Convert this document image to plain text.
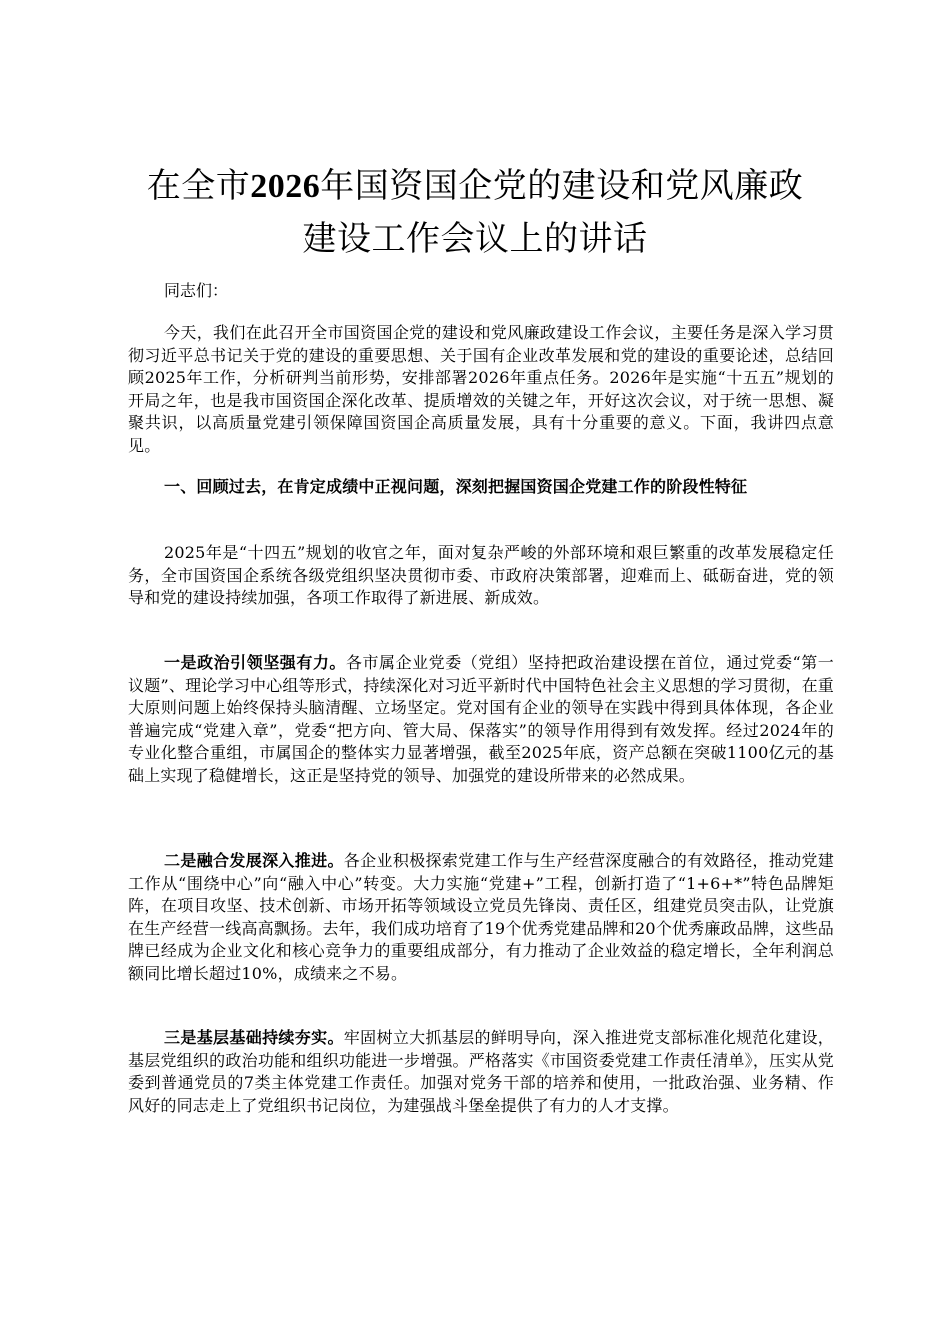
在全市2026年国资国企党的建设和党风廉政
建设工作会议上的讲话

同志们：

今天，我们在此召开全市国资国企党的建设和党风廉政建设工作会议，主要任务是深入学习贯彻习近平总书记关于党的建设的重要思想、关于国有企业改革发展和党的建设的重要论述，总结回顾2025年工作，分析研判当前形势，安排部署2026年重点任务。2026年是实施“十五五”规划的开局之年，也是我市国资国企深化改革、提质增效的关键之年，开好这次会议，对于统一思想、凝聚共识，以高质量党建引领保障国资国企高质量发展，具有十分重要的意义。下面，我讲四点意见。

一、回顾过去，在肯定成绩中正视问题，深刻把握国资国企党建工作的阶段性特征

2025年是“十四五”规划的收官之年，面对复杂严峻的外部环境和艰巨繁重的改革发展稳定任务，全市国资国企系统各级党组织坚决贯彻市委、市政府决策部署，迎难而上、砥砺奋进，党的领导和党的建设持续加强，各项工作取得了新进展、新成效。

一是政治引领坚强有力。各市属企业党委（党组）坚持把政治建设摆在首位，通过党委“第一议题”、理论学习中心组等形式，持续深化对习近平新时代中国特色社会主义思想的学习贯彻，在重大原则问题上始终保持头脑清醒、立场坚定。党对国有企业的领导在实践中得到具体体现，各企业普遍完成“党建入章”，党委“把方向、管大局、保落实”的领导作用得到有效发挥。经过2024年的专业化整合重组，市属国企的整体实力显著增强，截至2025年底，资产总额在突破1100亿元的基础上实现了稳健增长，这正是坚持党的领导、加强党的建设所带来的必然成果。

二是融合发展深入推进。各企业积极探索党建工作与生产经营深度融合的有效路径，推动党建工作从“围绕中心”向“融入中心”转变。大力实施“党建+”工程，创新打造了“1+6+*”特色品牌矩阵，在项目攻坚、技术创新、市场开拓等领域设立党员先锋岗、责任区，组建党员突击队，让党旗在生产经营一线高高飘扬。去年，我们成功培育了19个优秀党建品牌和20个优秀廉政品牌，这些品牌已经成为企业文化和核心竞争力的重要组成部分，有力推动了企业效益的稳定增长，全年利润总额同比增长超过10%，成绩来之不易。

三是基层基础持续夯实。牢固树立大抓基层的鲜明导向，深入推进党支部标准化规范化建设，基层党组织的政治功能和组织功能进一步增强。严格落实《市国资委党建工作责任清单》，压实从党委到普通党员的7类主体党建工作责任。加强对党务干部的培养和使用，一批政治强、业务精、作风好的同志走上了党组织书记岗位，为建强战斗堡垒提供了有力的人才支撑。
